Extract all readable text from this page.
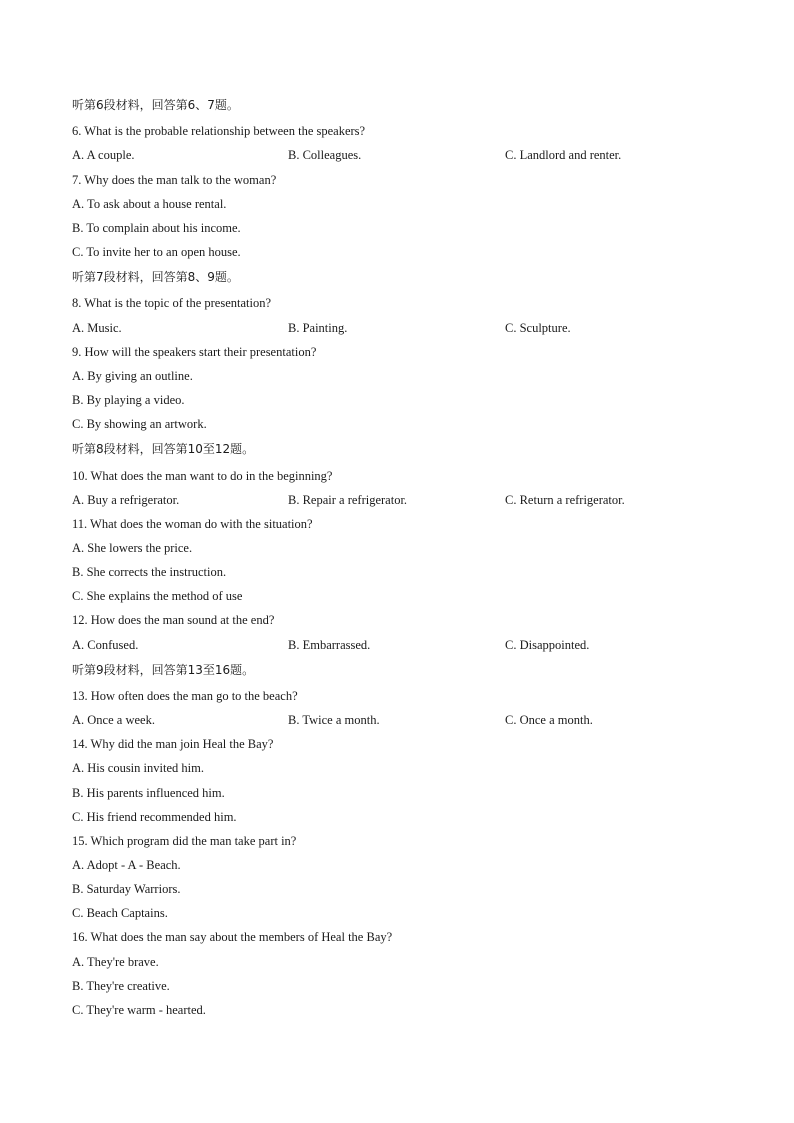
听第6段材料，回答第6、7题。
6. What is the probable relationship between the speakers?
A. A couple.	B. Colleagues.	C. Landlord and renter.
7. Why does the man talk to the woman?
A. To ask about a house rental.
B. To complain about his income.
C. To invite her to an open house.
听第7段材料，回答第8、9题。
8. What is the topic of the presentation?
A. Music.	B. Painting.	C. Sculpture.
9. How will the speakers start their presentation?
A. By giving an outline.
B. By playing a video.
C. By showing an artwork.
听第8段材料，回答第10至12题。
10. What does the man want to do in the beginning?
A. Buy a refrigerator.	B. Repair a refrigerator.	C. Return a refrigerator.
11. What does the woman do with the situation?
A. She lowers the price.
B. She corrects the instruction.
C. She explains the method of use
12. How does the man sound at the end?
A. Confused.	B. Embarrassed.	C. Disappointed.
听第9段材料，回答第13至16题。
13. How often does the man go to the beach?
A. Once a week.	B. Twice a month.	C. Once a month.
14. Why did the man join Heal the Bay?
A. His cousin invited him.
B. His parents influenced him.
C. His friend recommended him.
15. Which program did the man take part in?
A. Adopt - A - Beach.
B. Saturday Warriors.
C. Beach Captains.
16. What does the man say about the members of Heal the Bay?
A. They're brave.
B. They're creative.
C. They're warm - hearted.
